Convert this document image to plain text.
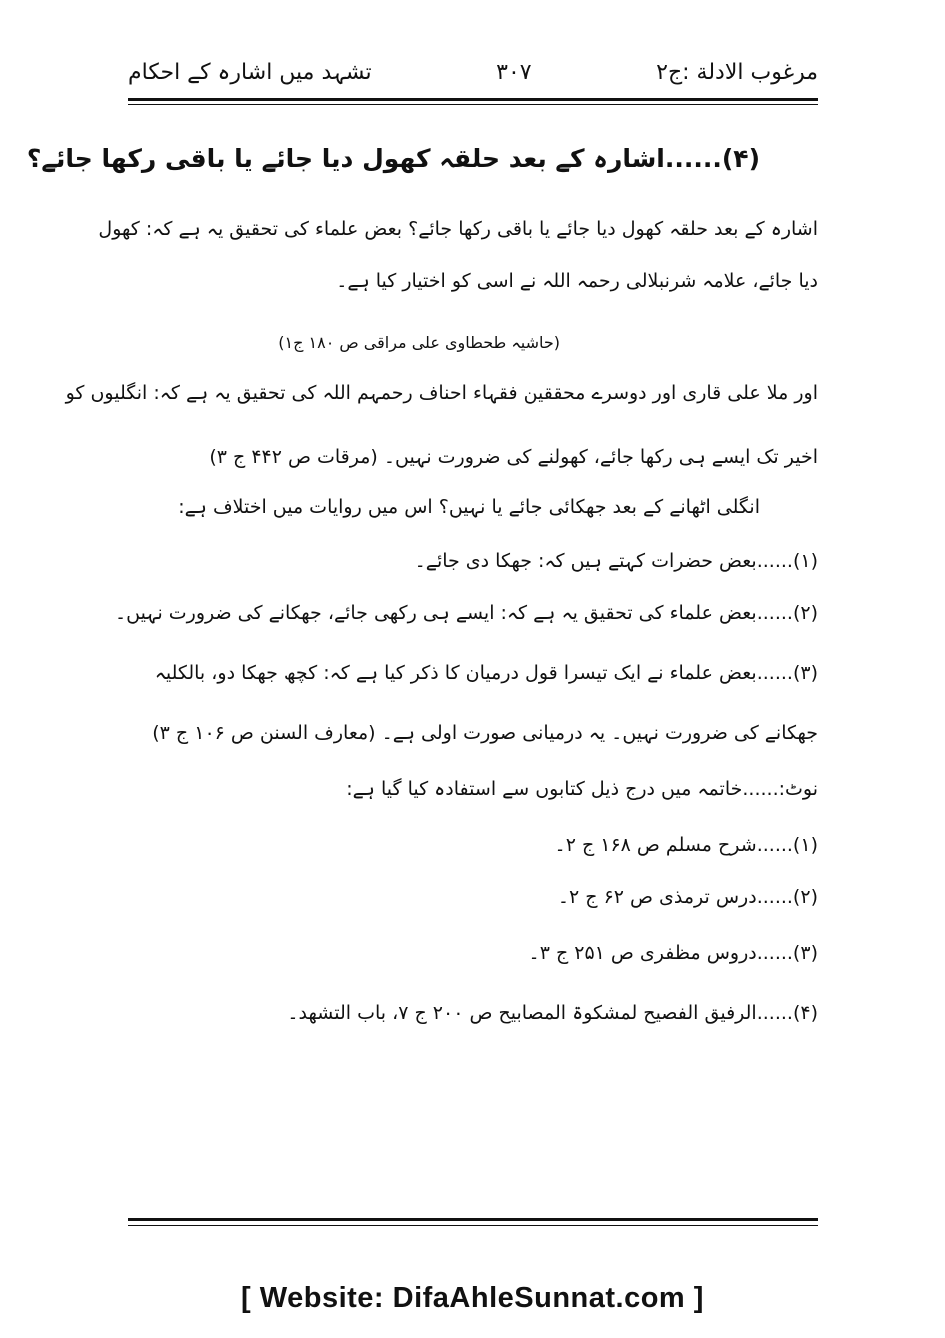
تشہد میں اشارہ کے احکام	۳۰۷	مرغوب الادلة :ج۲
(۴)......اشارہ کے بعد حلقہ کھول دیا جائے یا باقی رکھا جائے؟
اشارہ کے بعد حلقہ کھول دیا جائے یا باقی رکھا جائے؟ بعض علماء کی تحقیق یہ ہے کہ: کھول
دیا جائے، علامہ شرنبلالی رحمہ اللہ نے اسی کو اختیار کیا ہے۔
(حاشیہ طحطاوی علی مراقی ص ۱۸۰ ج۱)
اور ملا علی قاری اور دوسرے محققین فقہاء احناف رحمہم اللہ کی تحقیق یہ ہے کہ: انگلیوں کو
اخیر تک ایسے ہی رکھا جائے، کھولنے کی ضرورت نہیں۔ (مرقات ص ۴۴۲ ج ۳)
انگلی اٹھانے کے بعد جھکائی جائے یا نہیں؟ اس میں روایات میں اختلاف ہے:
(۱)......بعض حضرات کہتے ہیں کہ: جھکا دی جائے۔
(۲)......بعض علماء کی تحقیق یہ ہے کہ: ایسے ہی رکھی جائے، جھکانے کی ضرورت نہیں۔
(۳)......بعض علماء نے ایک تیسرا قول درمیان کا ذکر کیا ہے کہ: کچھ جھکا دو، بالکلیہ
جھکانے کی ضرورت نہیں۔ یہ درمیانی صورت اولی ہے۔ (معارف السنن ص ۱۰۶ ج ۳)
نوٹ:......خاتمہ میں درج ذیل کتابوں سے استفادہ کیا گیا ہے:
(۱)......شرح مسلم ص ۱۶۸ ج ۲۔
(۲)......درس ترمذی ص ۶۲ ج ۲۔
(۳)......دروس مظفری ص ۲۵۱ ج ۳۔
(۴)......الرفیق الفصیح لمشکوۃ المصابیح ص ۲۰۰ ج ۷، باب التشھد۔
[ Website: DifaAhleSunnat.com ]
